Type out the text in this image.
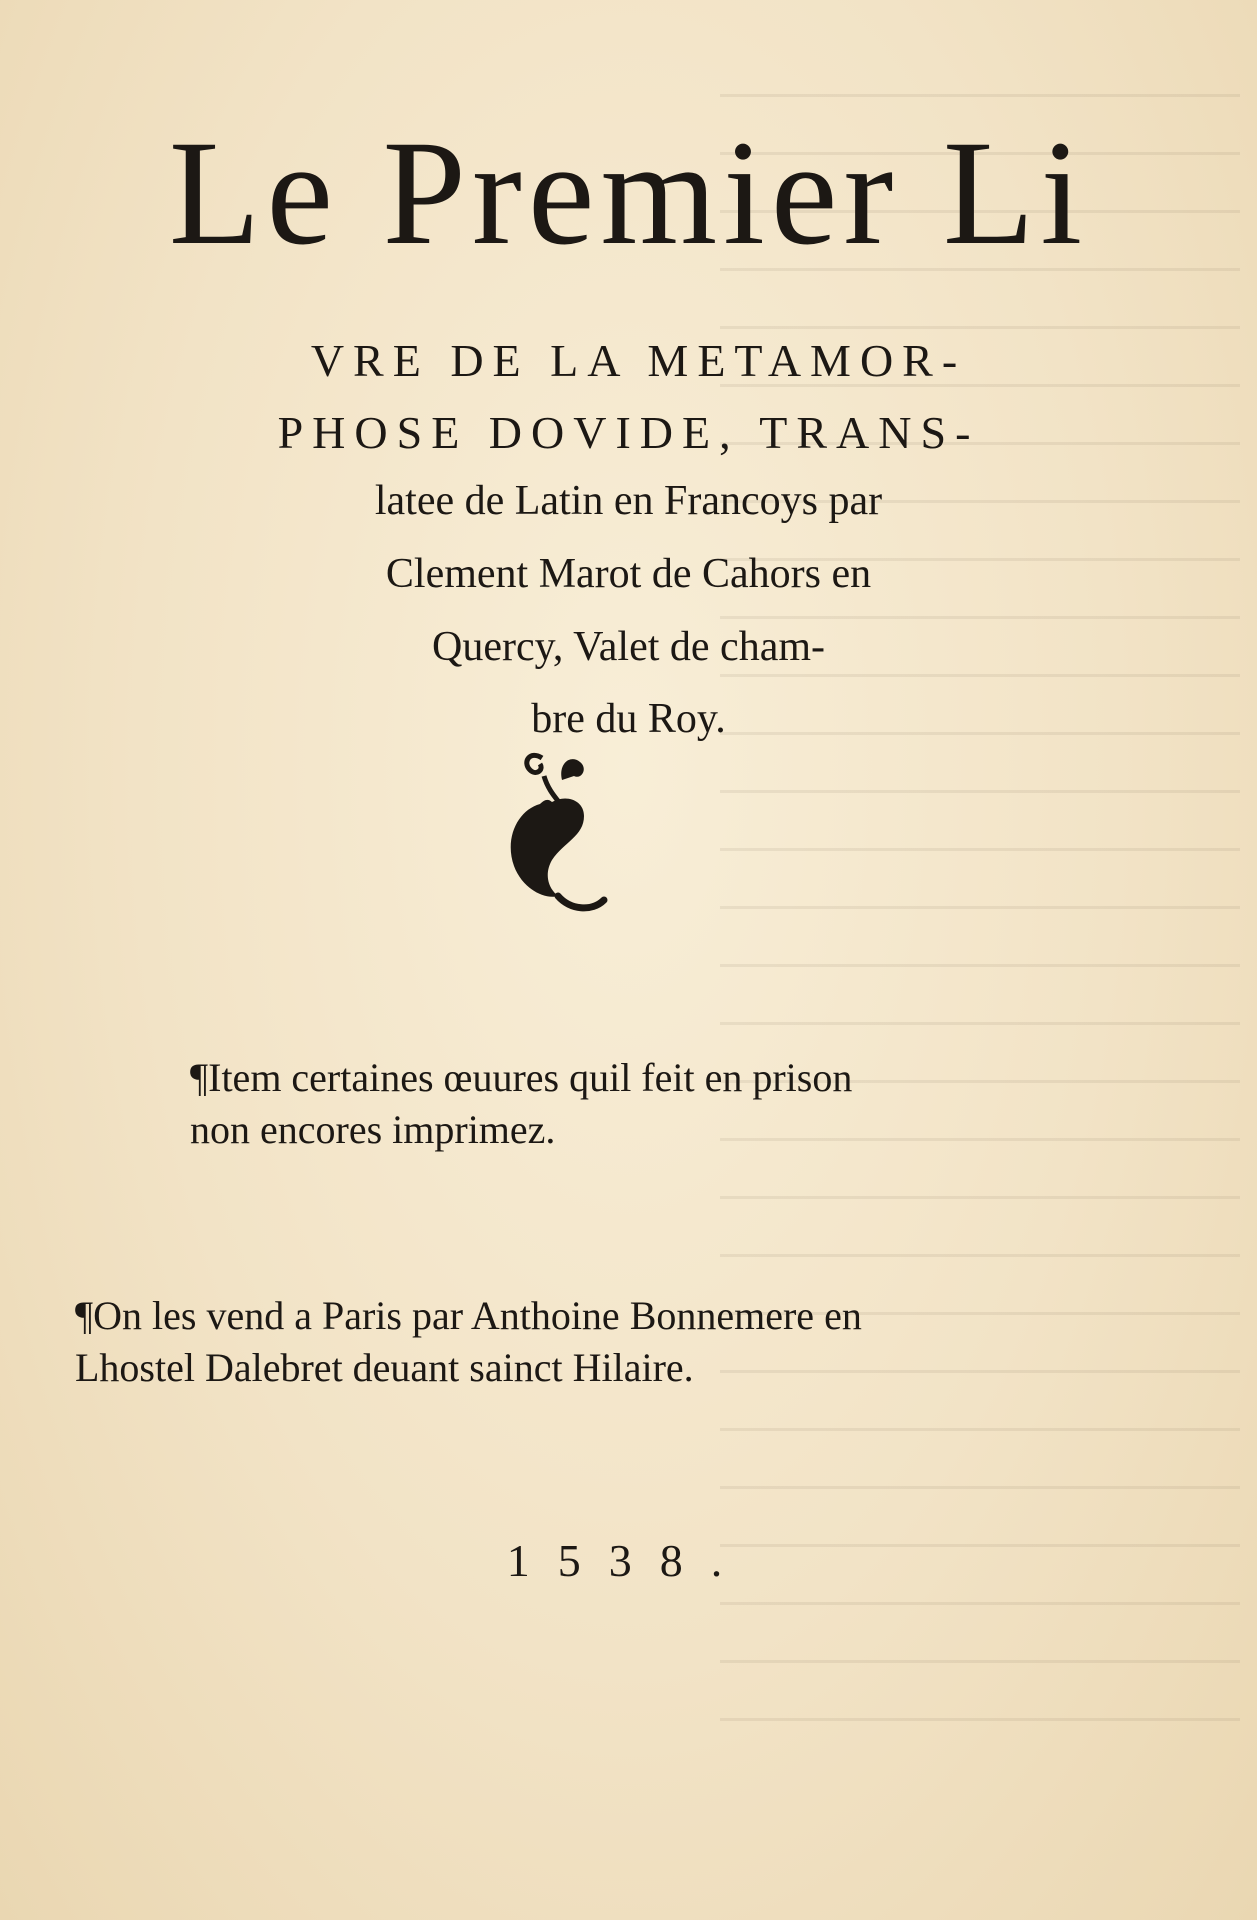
Le Premier Li
VRE DE LA METAMOR-
PHOSE DOVIDE, TRANS-
latee de Latin en Francoys par
Clement Marot de Cahors en
Quercy, Valet de cham-
bre du Roy.
¶Item certaines œuures quil feit en prison
non encores imprimez.
¶On les vend a Paris par Anthoine Bonnemere en
Lhostel Dalebret deuant sainct Hilaire.
1538.
